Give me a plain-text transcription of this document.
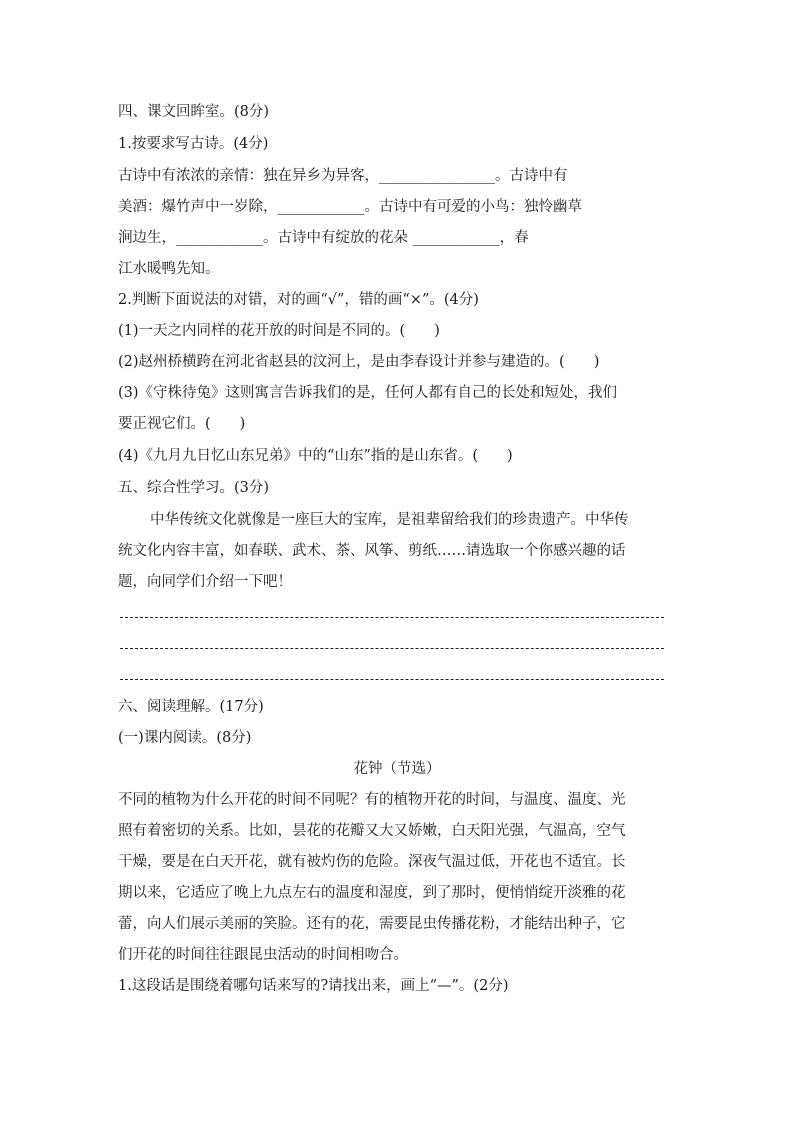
四、课文回眸室。(8分)
1.按要求写古诗。(4分)
古诗中有浓浓的亲情：独在异乡为异客，________________。古诗中有
美酒：爆竹声中一岁除，____________。古诗中有可爱的小鸟：独怜幽草
涧边生，____________。古诗中有绽放的花朵 ____________，春
江水暖鸭先知。
2.判断下面说法的对错，对的画“√”，错的画“×”。(4分)
(1)一天之内同样的花开放的时间是不同的。(　　)
(2)赵州桥横跨在河北省赵县的汶河上，是由李春设计并参与建造的。(　　)
(3)《守株待兔》这则寓言告诉我们的是，任何人都有自己的长处和短处，我们
要正视它们。(　　)
(4)《九月九日忆山东兄弟》中的“山东”指的是山东省。(　　)
五、综合性学习。(3分)
中华传统文化就像是一座巨大的宝库，是祖辈留给我们的珍贵遗产。中华传
统文化内容丰富，如春联、武术、茶、风筝、剪纸……请选取一个你感兴趣的话
题，向同学们介绍一下吧！
六、阅读理解。(17分)
(一)课内阅读。(8分)
花钟（节选）
不同的植物为什么开花的时间不同呢？有的植物开花的时间，与温度、温度、光
照有着密切的关系。比如，昙花的花瓣又大又娇嫩，白天阳光强，气温高，空气
干燥，要是在白天开花，就有被灼伤的危险。深夜气温过低，开花也不适宜。长
期以来，它适应了晚上九点左右的温度和湿度，到了那时，便悄悄绽开淡雅的花
蕾，向人们展示美丽的笑脸。还有的花，需要昆虫传播花粉，才能结出种子，它
们开花的时间往往跟昆虫活动的时间相吻合。
1.这段话是围绕着哪句话来写的?请找出来，画上“—”。(2分)
